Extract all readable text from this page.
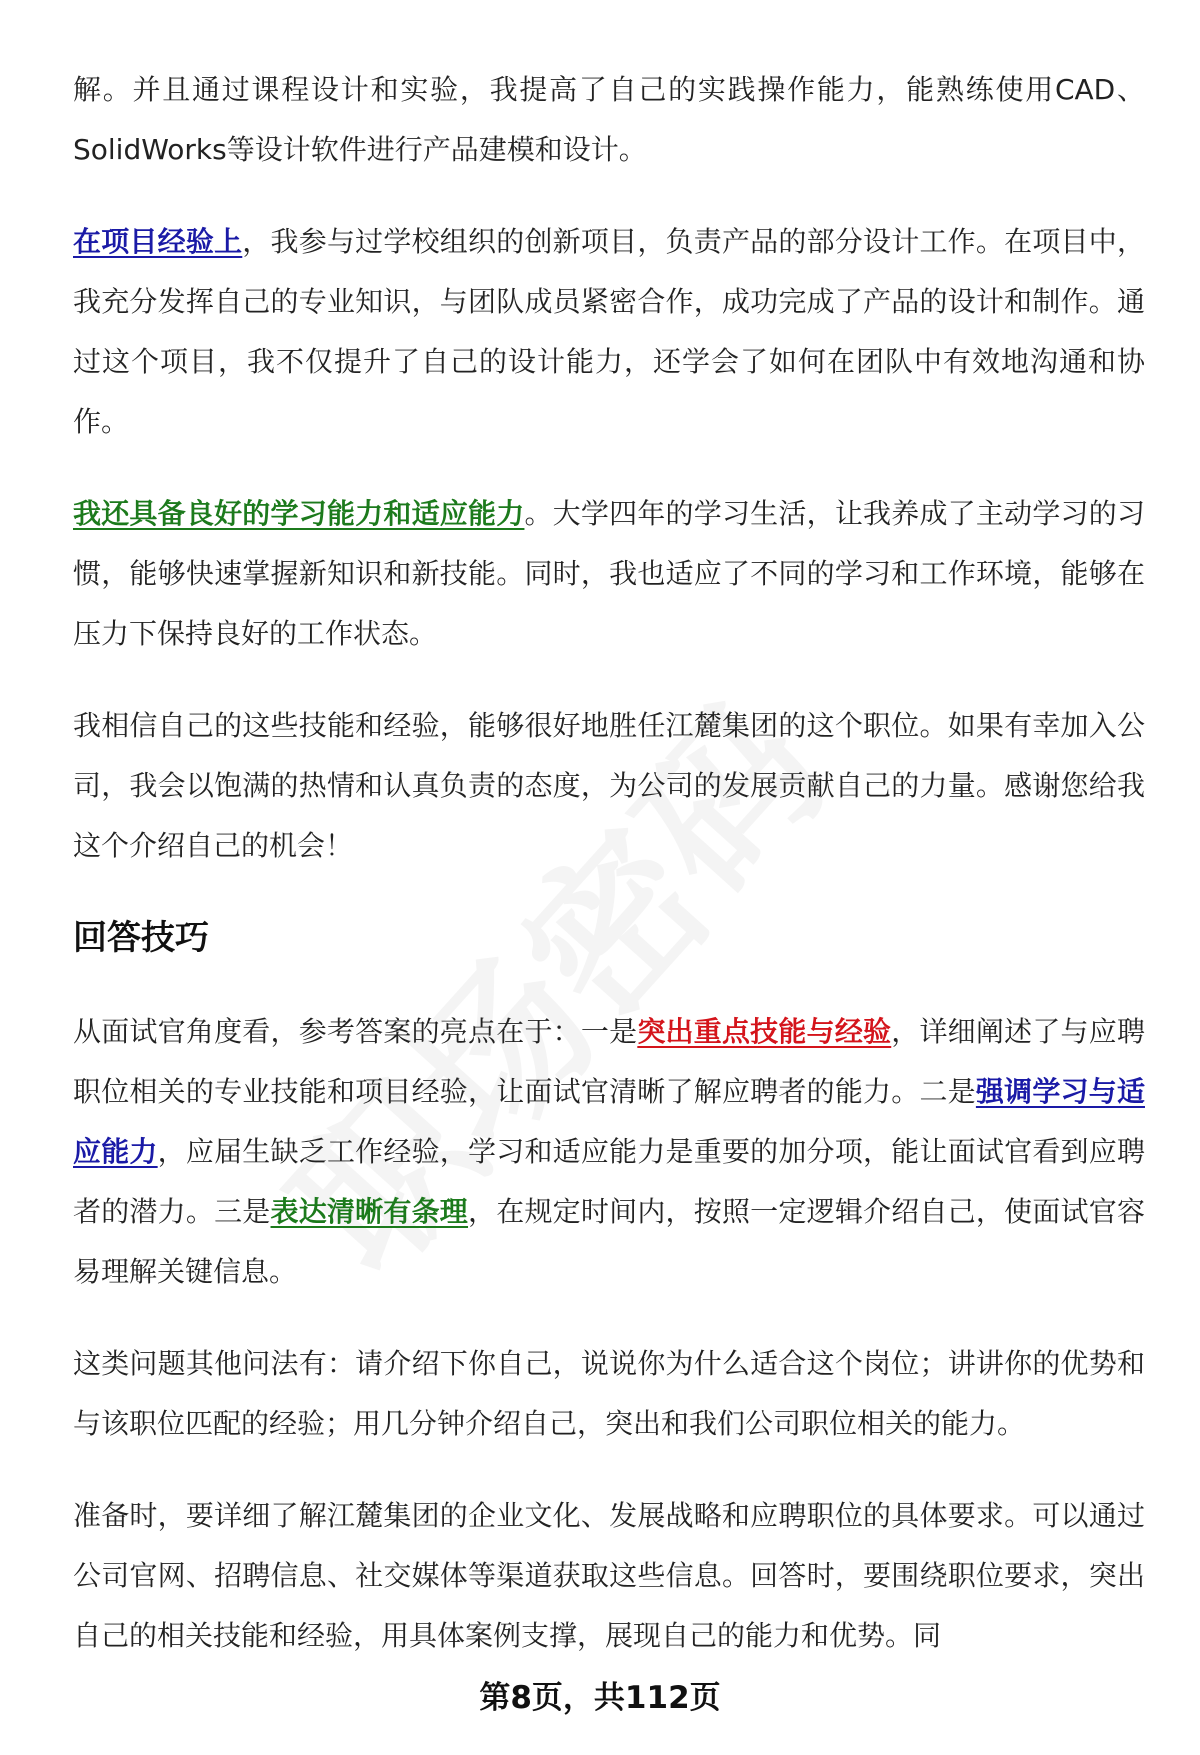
解。并且通过课程设计和实验，我提高了自己的实践操作能力，能熟练使用CAD、SolidWorks等设计软件进行产品建模和设计。

在项目经验上，我参与过学校组织的创新项目，负责产品的部分设计工作。在项目中，我充分发挥自己的专业知识，与团队成员紧密合作，成功完成了产品的设计和制作。通过这个项目，我不仅提升了自己的设计能力，还学会了如何在团队中有效地沟通和协作。

我还具备良好的学习能力和适应能力。大学四年的学习生活，让我养成了主动学习的习惯，能够快速掌握新知识和新技能。同时，我也适应了不同的学习和工作环境，能够在压力下保持良好的工作状态。

我相信自己的这些技能和经验，能够很好地胜任江麓集团的这个职位。如果有幸加入公司，我会以饱满的热情和认真负责的态度，为公司的发展贡献自己的力量。感谢您给我这个介绍自己的机会！

回答技巧

从面试官角度看，参考答案的亮点在于：一是突出重点技能与经验，详细阐述了与应聘职位相关的专业技能和项目经验，让面试官清晰了解应聘者的能力。二是强调学习与适应能力，应届生缺乏工作经验，学习和适应能力是重要的加分项，能让面试官看到应聘者的潜力。三是表达清晰有条理，在规定时间内，按照一定逻辑介绍自己，使面试官容易理解关键信息。

这类问题其他问法有：请介绍下你自己，说说你为什么适合这个岗位；讲讲你的优势和与该职位匹配的经验；用几分钟介绍自己，突出和我们公司职位相关的能力。

准备时，要详细了解江麓集团的企业文化、发展战略和应聘职位的具体要求。可以通过公司官网、招聘信息、社交媒体等渠道获取这些信息。回答时，要围绕职位要求，突出自己的相关技能和经验，用具体案例支撑，展现自己的能力和优势。同

第8页，共112页
